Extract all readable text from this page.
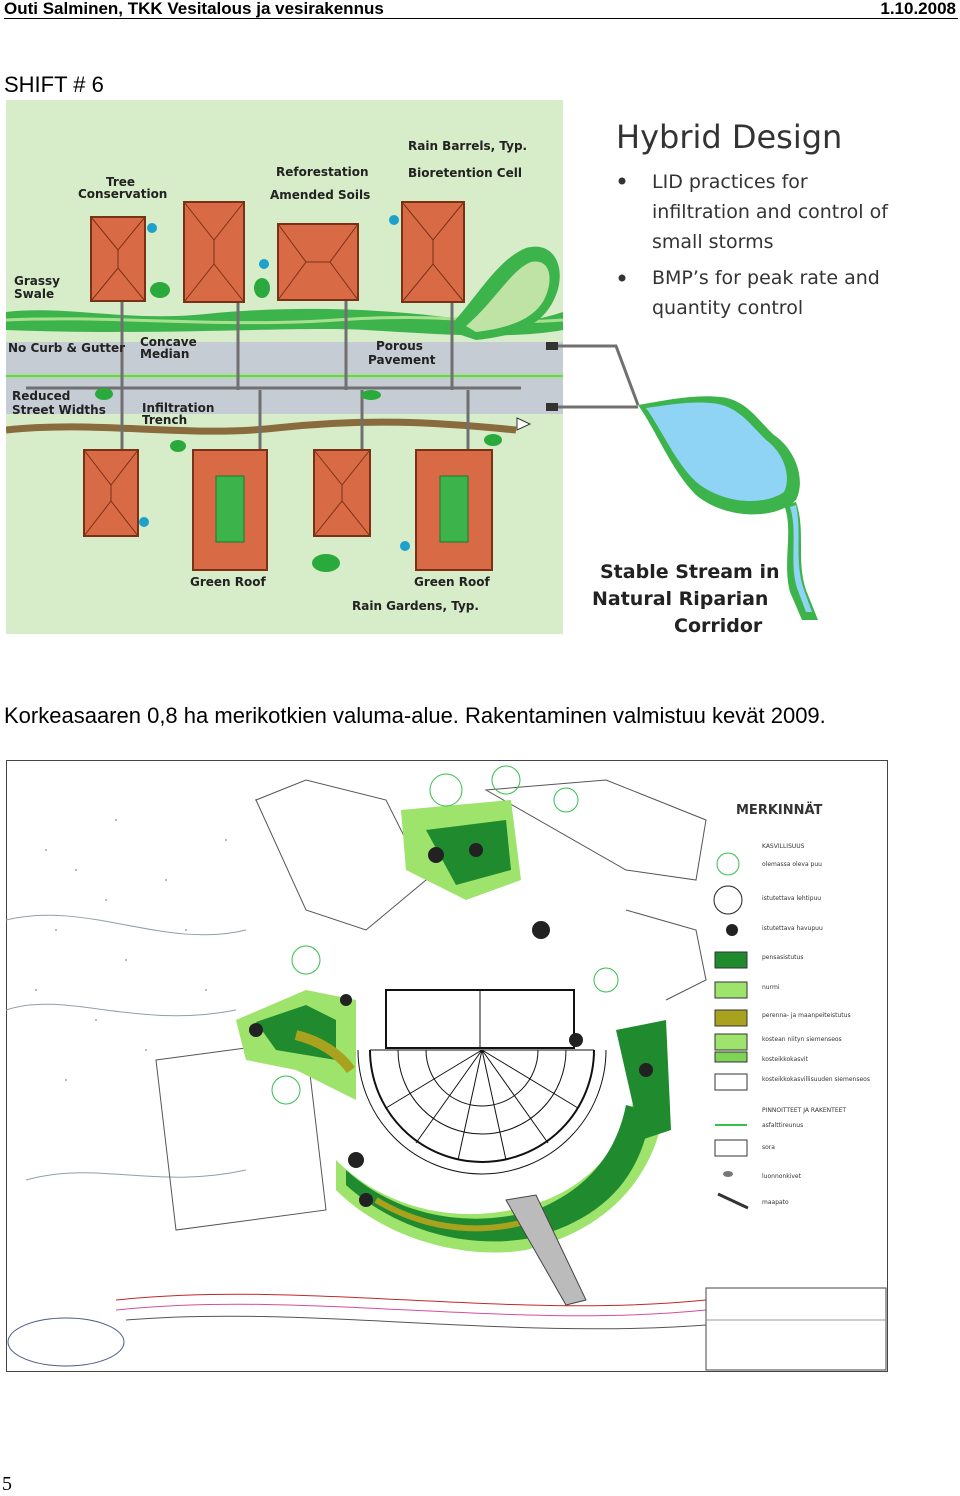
Outi Salminen, TKK Vesitalous ja vesirakennus	1.10.2008
SHIFT # 6
Tree
Conservation
Reforestation
Amended Soils
Rain Barrels, Typ.
Bioretention Cell
Grassy
Swale
No Curb & Gutter Concave
Median
Porous
Pavement
Reduced
Street Widths	Infiltration
Trench
Green Roof	Green Roof
Rain Gardens, Typ.
Stable Stream in
Natural Riparian
Corridor
Hybrid Design
LID practices for
infiltration and control of
small storms
BMP’s for peak rate and
quantity control
Korkeasaaren 0,8 ha merikotkien valuma-alue. Rakentaminen valmistuu kevät 2009.
MERKINNÄT
KASVILLISUUS
olemassa oleva puu
istutettava lehtipuu
istutettava havupuu
pensasistutus
nurmi
perenna- ja maanpeiteistutus
kostean niityn siemenseos
kosteikkokasvit
kosteikkokasvillisuuden siemenseos
PINNOITTEET JA RAKENTEET
asfalttireunus
sora
luonnonkivet
maapato
5
